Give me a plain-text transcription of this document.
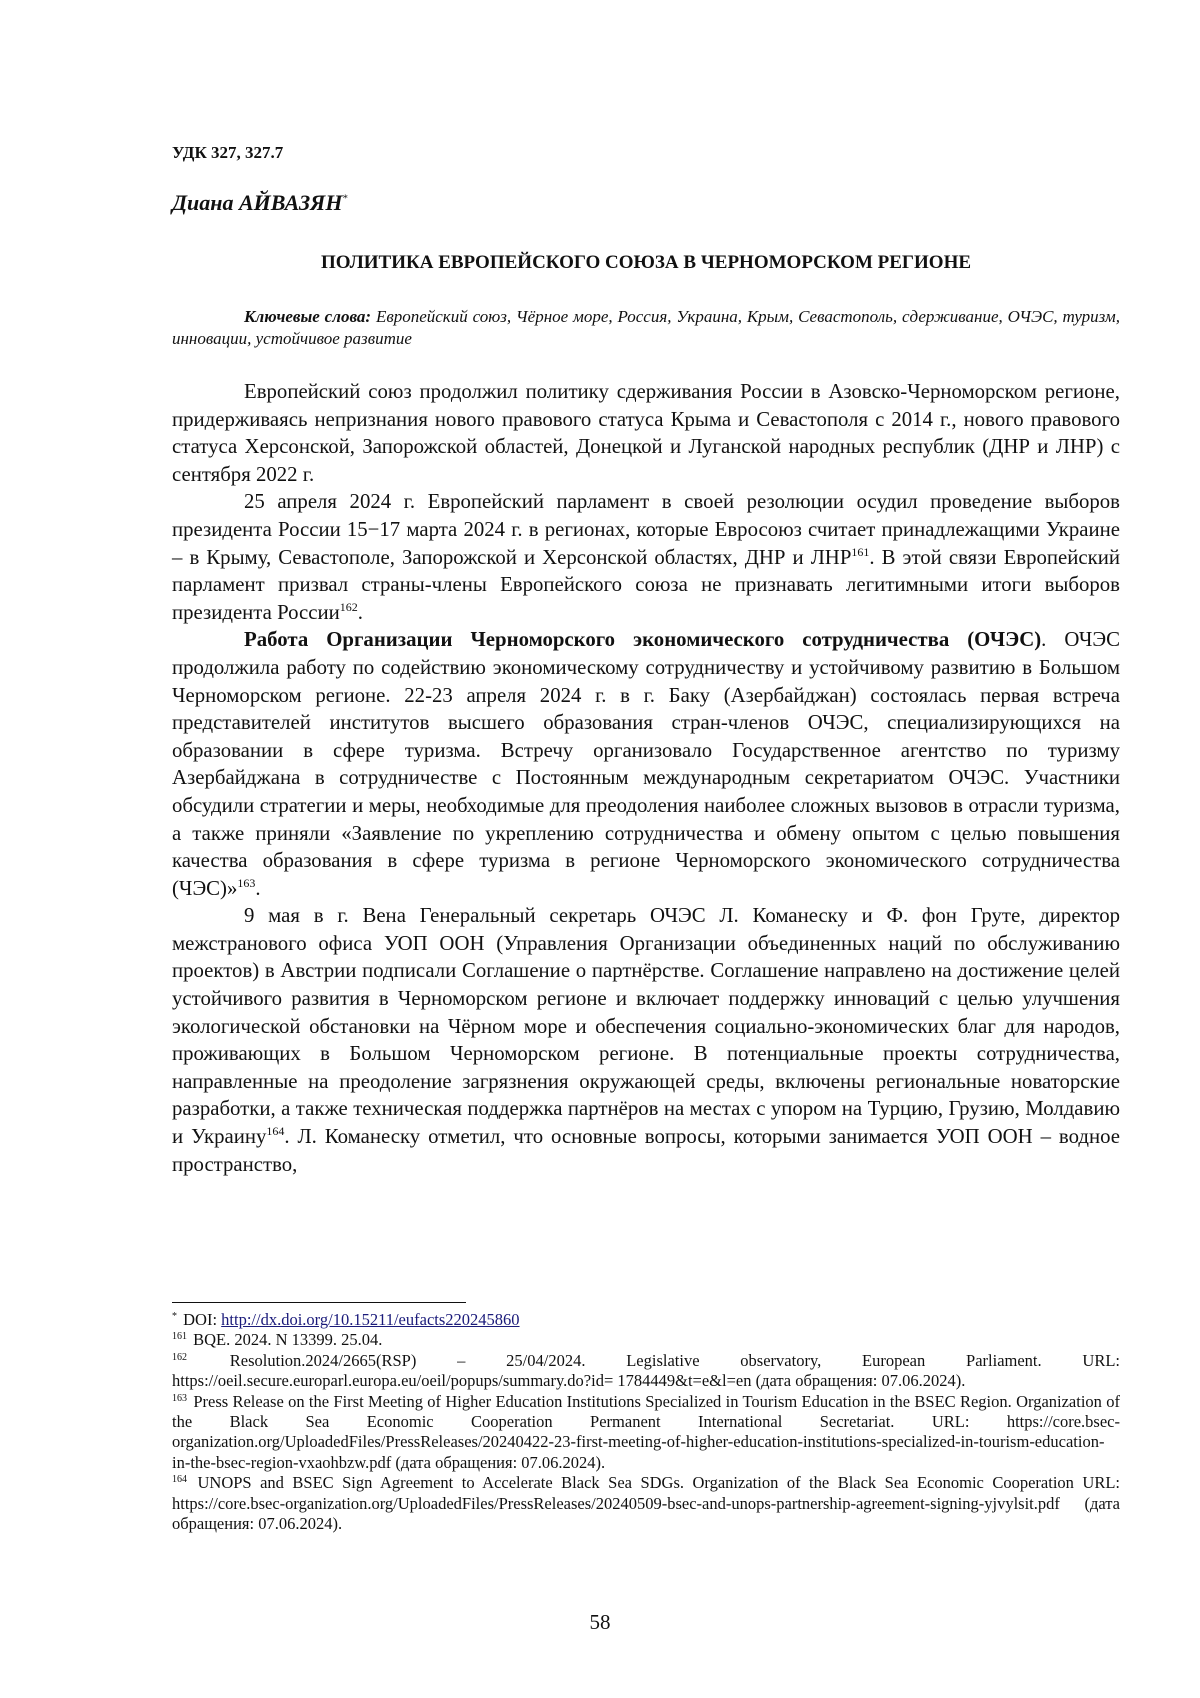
УДК 327, 327.7
Диана АЙВАЗЯН*
ПОЛИТИКА ЕВРОПЕЙСКОГО СОЮЗА В ЧЕРНОМОРСКОМ РЕГИОНЕ
Ключевые слова: Европейский союз, Чёрное море, Россия, Украина, Крым, Севастополь, сдерживание, ОЧЭС, туризм, инновации, устойчивое развитие

Европейский союз продолжил политику сдерживания России в Азовско-Черноморском регионе, придерживаясь непризнания нового правового статуса Крыма и Севастополя с 2014 г., нового правового статуса Херсонской, Запорожской областей, Донецкой и Луганской народных республик (ДНР и ЛНР) с сентября 2022 г.

25 апреля 2024 г. Европейский парламент в своей резолюции осудил проведение выборов президента России 15−17 марта 2024 г. в регионах, которые Евросоюз считает принадлежащими Украине – в Крыму, Севастополе, Запорожской и Херсонской областях, ДНР и ЛНР$^{161}$. В этой связи Европейский парламент призвал страны-члены Европейского союза не признавать легитимными итоги выборов президента России$^{162}$.

Работа Организации Черноморского экономического сотрудничества (ОЧЭС). ОЧЭС продолжила работу по содействию экономическому сотрудничеству и устойчивому развитию в Большом Черноморском регионе. 22-23 апреля 2024 г. в г. Баку (Азербайджан) состоялась первая встреча представителей институтов высшего образования стран-членов ОЧЭС, специализирующихся на образовании в сфере туризма. Встречу организовало Государственное агентство по туризму Азербайджана в сотрудничестве с Постоянным международным секретариатом ОЧЭС. Участники обсудили стратегии и меры, необходимые для преодоления наиболее сложных вызовов в отрасли туризма, а также приняли «Заявление по укреплению сотрудничества и обмену опытом с целью повышения качества образования в сфере туризма в регионе Черноморского экономического сотрудничества (ЧЭС)»$^{163}$.

9 мая в г. Вена Генеральный секретарь ОЧЭС Л. Команеску и Ф. фон Груте, директор межстранового офиса УОП ООН (Управления Организации объединенных наций по обслуживанию проектов) в Австрии подписали Соглашение о партнёрстве. Соглашение направлено на достижение целей устойчивого развития в Черноморском регионе и включает поддержку инноваций с целью улучшения экологической обстановки на Чёрном море и обеспечения социально-экономических благ для народов, проживающих в Большом Черноморском регионе. В потенциальные проекты сотрудничества, направленные на преодоление загрязнения окружающей среды, включены региональные новаторские разработки, а также техническая поддержка партнёров на местах с упором на Турцию, Грузию, Молдавию и Украину$^{164}$. Л. Команеску отметил, что основные вопросы, которыми занимается УОП ООН – водное пространство,

* DOI: http://dx.doi.org/10.15211/eufacts220245860

$^{161}$ BQE. 2024. N 13399. 25.04.

$^{162}$ Resolution.2024/2665(RSP) – 25/04/2024. Legislative observatory, European Parliament. URL: https://oeil.secure.europarl.europa.eu/oeil/popups/summary.do?id= 1784449&t=e&l=en (дата обращения: 07.06.2024).

$^{163}$ Press Release on the First Meeting of Higher Education Institutions Specialized in Tourism Education in the BSEC Region. Organization of the Black Sea Economic Cooperation Permanent International Secretariat. URL: https://core.bsec-organization.org/UploadedFiles/PressReleases/20240422-23-first-meeting-of-higher-education-institutions-specialized-in-tourism-education-in-the-bsec-region-vxaohbzw.pdf (дата обращения: 07.06.2024).

$^{164}$ UNOPS and BSEC Sign Agreement to Accelerate Black Sea SDGs. Organization of the Black Sea Economic Cooperation URL: https://core.bsec-organization.org/UploadedFiles/PressReleases/20240509-bsec-and-unops-partnership-agreement-signing-yjvylsit.pdf (дата обращения: 07.06.2024).

58
